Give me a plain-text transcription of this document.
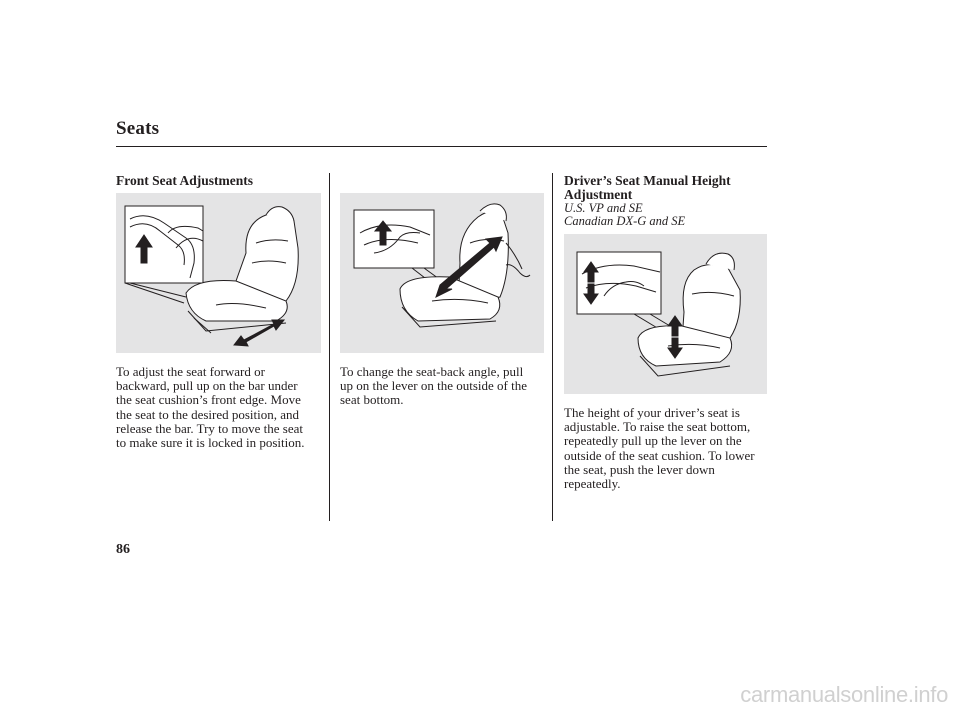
Seats
Front Seat Adjustments
To adjust the seat forward or
backward, pull up on the bar under
the seat cushion’s front edge. Move
the seat to the desired position, and
release the bar. Try to move the seat
to make sure it is locked in position.
To change the seat-back angle, pull
up on the lever on the outside of the
seat bottom.
Driver’s Seat Manual Height
Adjustment
U.S. VP and SE
Canadian DX-G and SE
The height of your driver’s seat is
adjustable. To raise the seat bottom,
repeatedly pull up the lever on the
outside of the seat cushion. To lower
the seat, push the lever down
repeatedly.
86
carmanualsonline.info
